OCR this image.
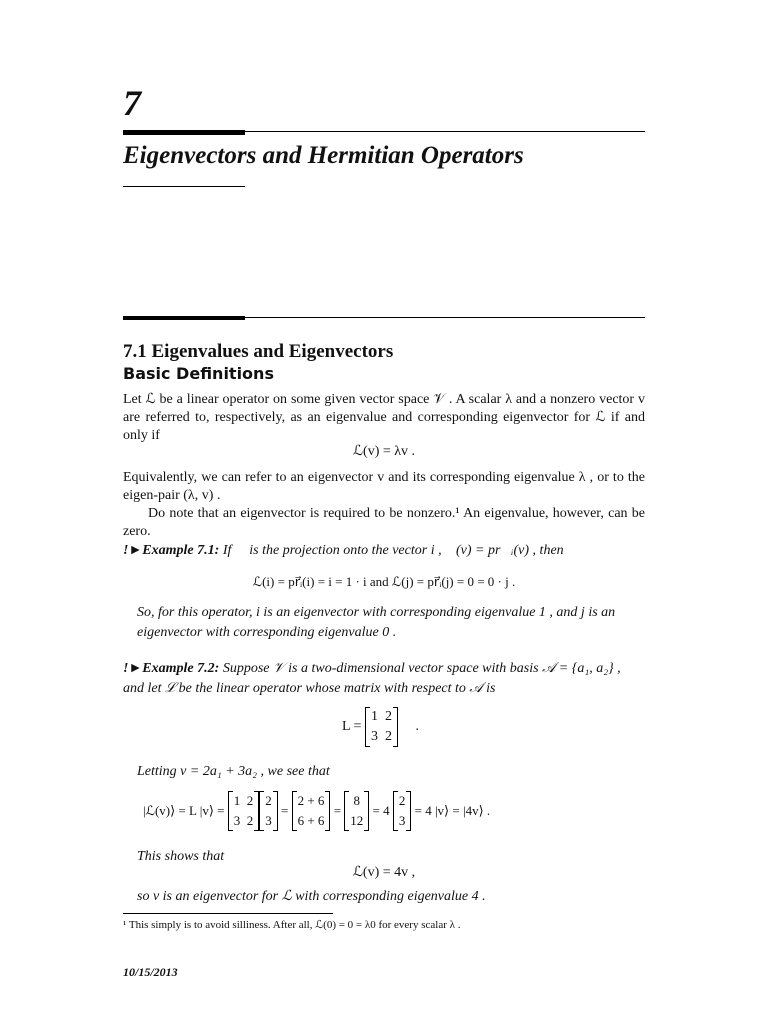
7
Eigenvectors and Hermitian Operators
7.1 Eigenvalues and Eigenvectors
Basic Definitions
Let ℒ be a linear operator on some given vector space 𝒱 . A scalar λ and a nonzero vector v are referred to, respectively, as an eigenvalue and corresponding eigenvector for ℒ if and only if
ℒ(v) = λv .
Equivalently, we can refer to an eigenvector v and its corresponding eigenvalue λ , or to the eigen-pair (λ, v) .
Do note that an eigenvector is required to be nonzero.¹ An eigenvalue, however, can be zero.
!►Example 7.1: If ℒ is the projection onto the vector i , ℒ(v) = pr⃗ᵢ(v) , then
ℒ(i) = pr⃗ᵢ(i) = i = 1 · i and ℒ(j) = pr⃗ᵢ(j) = 0 = 0 · j .
So, for this operator, i is an eigenvector with corresponding eigenvalue 1 , and j is an eigenvector with corresponding eigenvalue 0 .
!►Example 7.2: Suppose 𝒱 is a two-dimensional vector space with basis 𝒜 = {a₁, a₂} , and let ℒ be the linear operator whose matrix with respect to 𝒜 is
L =
1  2
3  2
.
Letting v = 2a₁ + 3a₂ , we see that
|ℒ(v)⟩ = L |v⟩ =
1  2
3  2
2
3
=
2 + 6
6 + 6
=
8
12
= 4
2
3
= 4 |v⟩ = |4v⟩ .
This shows that
ℒ(v) = 4v ,
so v is an eigenvector for ℒ with corresponding eigenvalue 4 .
¹ This simply is to avoid silliness. After all, ℒ(0) = 0 = λ0 for every scalar λ .
10/15/2013
